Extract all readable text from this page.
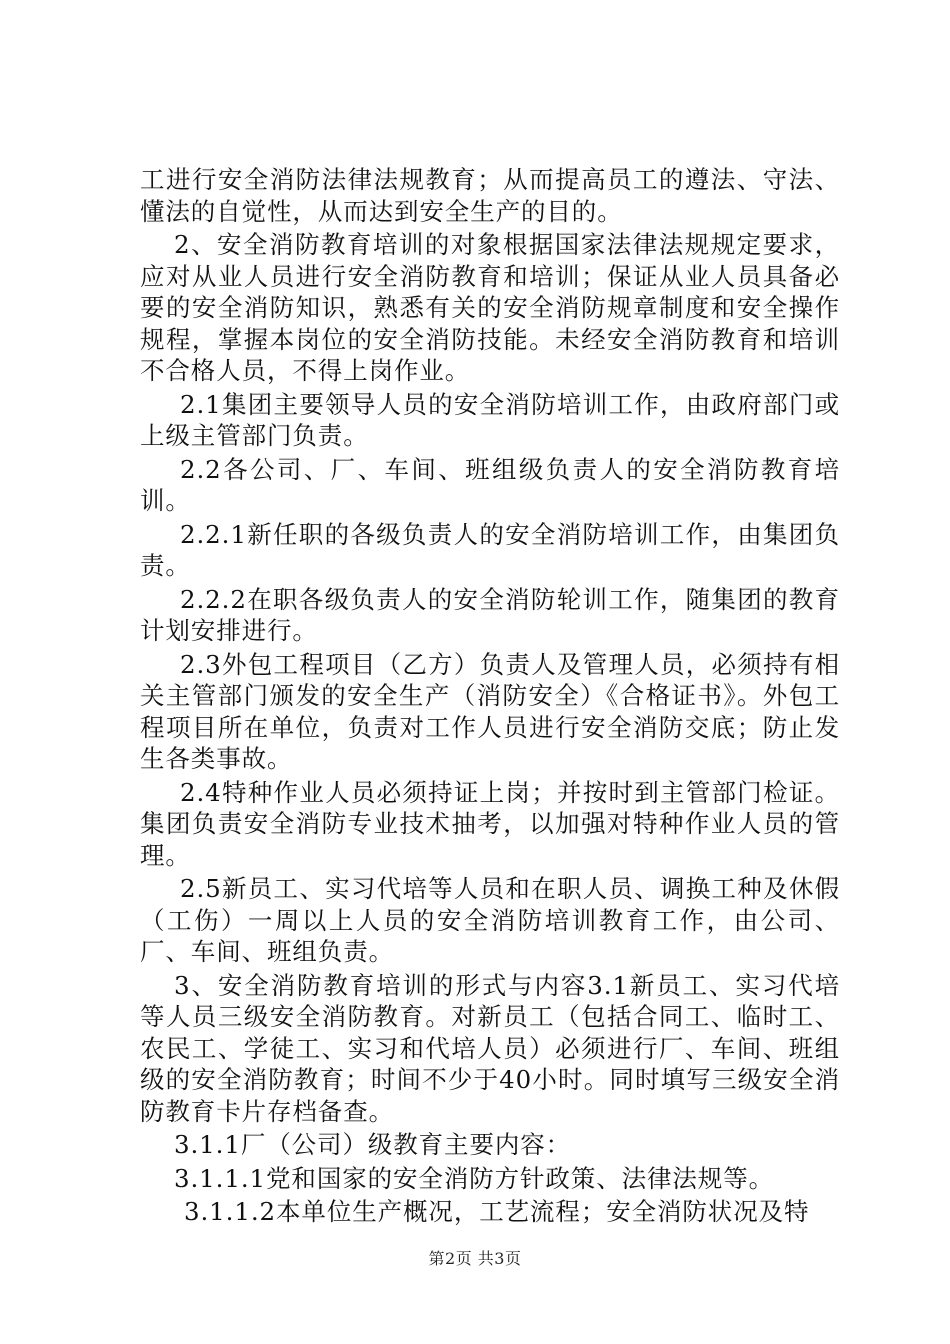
工进行安全消防法律法规教育；从而提高员工的遵法、守法、懂法的自觉性，从而达到安全生产的目的。

2、安全消防教育培训的对象根据国家法律法规规定要求，应对从业人员进行安全消防教育和培训；保证从业人员具备必要的安全消防知识，熟悉有关的安全消防规章制度和安全操作规程，掌握本岗位的安全消防技能。未经安全消防教育和培训不合格人员，不得上岗作业。

2.1集团主要领导人员的安全消防培训工作，由政府部门或上级主管部门负责。

2.2各公司、厂、车间、班组级负责人的安全消防教育培训。

2.2.1新任职的各级负责人的安全消防培训工作，由集团负责。

2.2.2在职各级负责人的安全消防轮训工作，随集团的教育计划安排进行。

2.3外包工程项目（乙方）负责人及管理人员，必须持有相关主管部门颁发的安全生产（消防安全）《合格证书》。外包工程项目所在单位，负责对工作人员进行安全消防交底；防止发生各类事故。

2.4特种作业人员必须持证上岗；并按时到主管部门检证。集团负责安全消防专业技术抽考，以加强对特种作业人员的管理。

2.5新员工、实习代培等人员和在职人员、调换工种及休假（工伤）一周以上人员的安全消防培训教育工作，由公司、厂、车间、班组负责。

3、安全消防教育培训的形式与内容3.1新员工、实习代培等人员三级安全消防教育。对新员工（包括合同工、临时工、农民工、学徒工、实习和代培人员）必须进行厂、车间、班组级的安全消防教育；时间不少于40小时。同时填写三级安全消防教育卡片存档备查。

3.1.1厂（公司）级教育主要内容：

3.1.1.1党和国家的安全消防方针政策、法律法规等。

3.1.1.2本单位生产概况，工艺流程；安全消防状况及特

第2页 共3页
